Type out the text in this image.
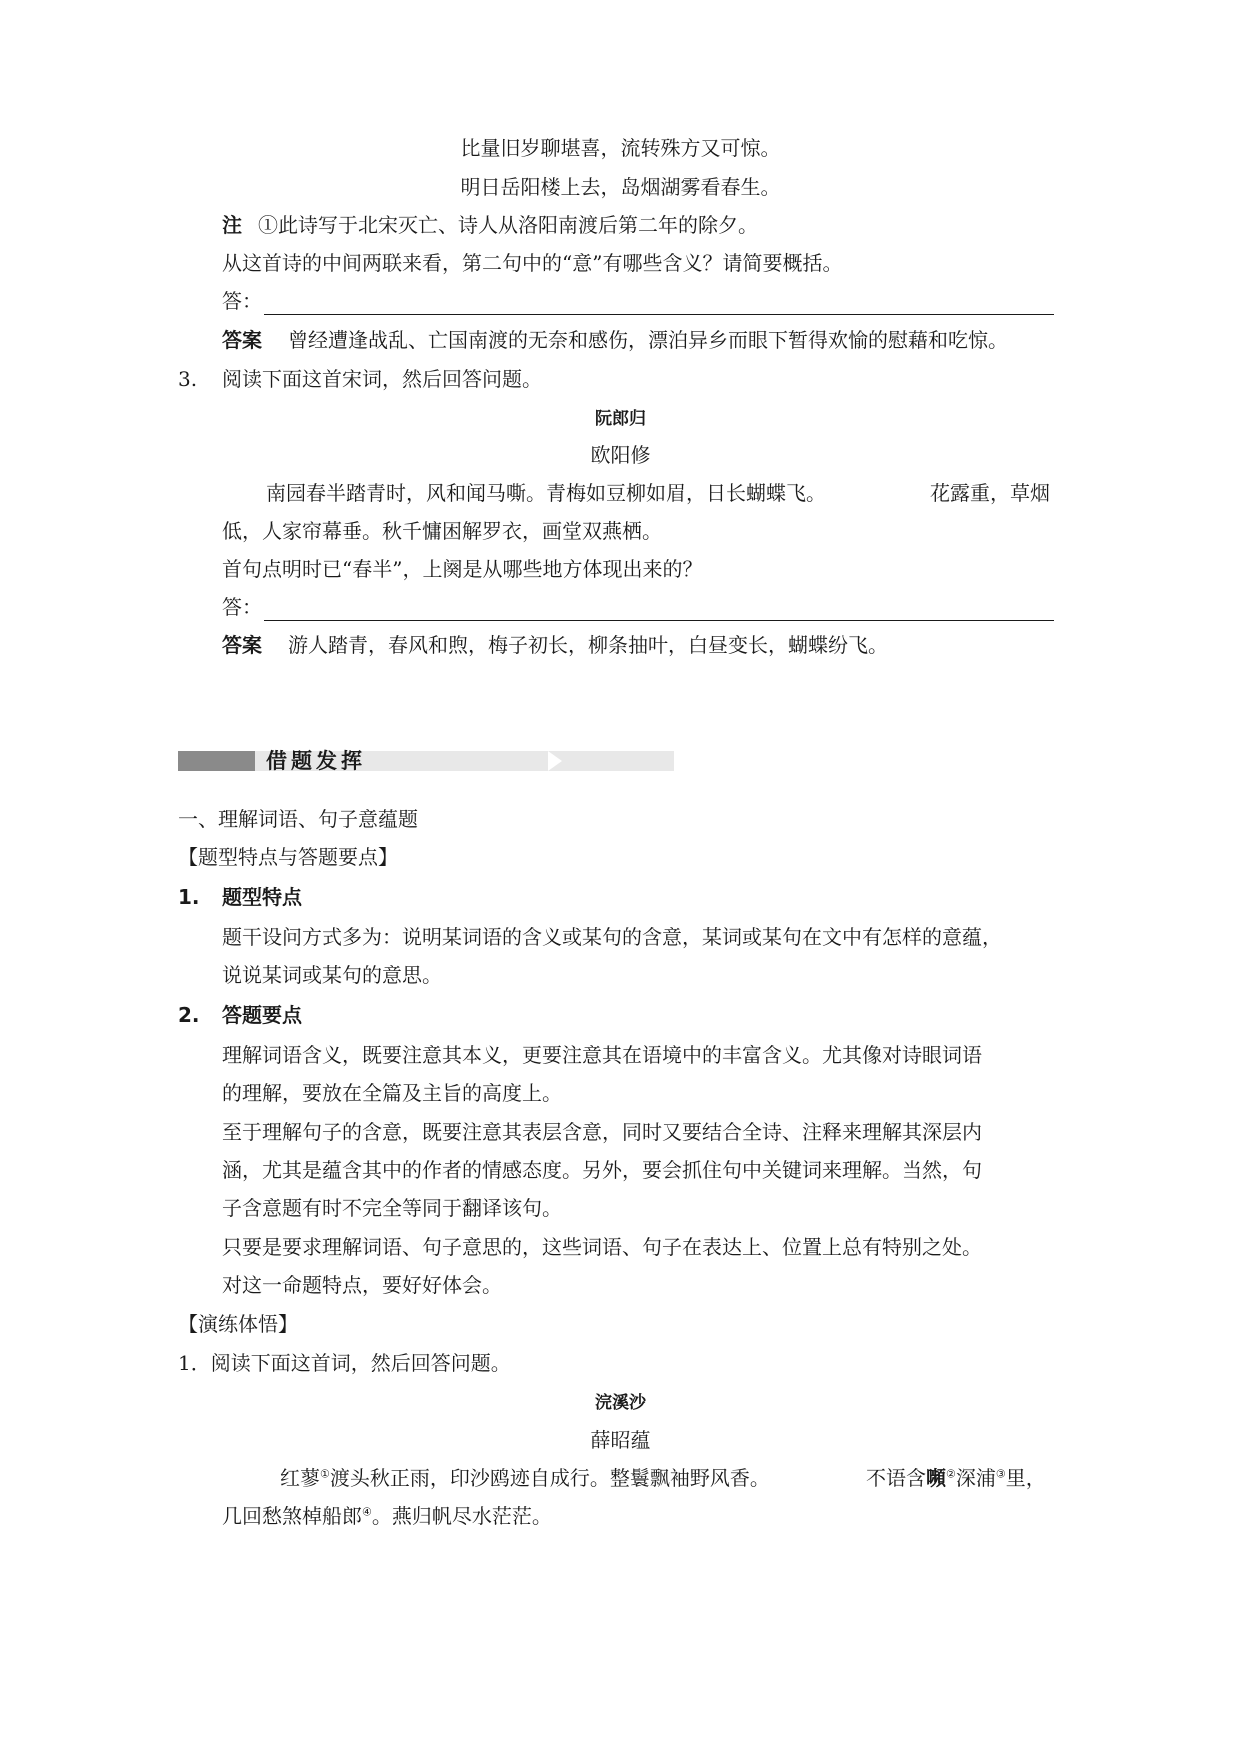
比量旧岁聊堪喜，流转殊方又可惊。
明日岳阳楼上去，岛烟湖雾看春生。
注 ①此诗写于北宋灭亡、诗人从洛阳南渡后第二年的除夕。
从这首诗的中间两联来看，第二句中的“意”有哪些含义？请简要概括。
答：
答案 曾经遭逢战乱、亡国南渡的无奈和感伤，漂泊异乡而眼下暂得欢愉的慰藉和吃惊。
3. 阅读下面这首宋词，然后回答问题。
阮郎归
欧阳修
南园春半踏青时，风和闻马嘶。青梅如豆柳如眉，日长蝴蝶飞。	花露重，草烟
低，人家帘幕垂。秋千慵困解罗衣，画堂双燕栖。
首句点明时已“春半”，上阕是从哪些地方体现出来的？
答：
答案 游人踏青，春风和煦，梅子初长，柳条抽叶，白昼变长，蝴蝶纷飞。
借题发挥
一、理解词语、句子意蕴题
【题型特点与答题要点】
1. 题型特点
题干设问方式多为：说明某词语的含义或某句的含意，某词或某句在文中有怎样的意蕴，
说说某词或某句的意思。
2. 答题要点
理解词语含义，既要注意其本义，更要注意其在语境中的丰富含义。尤其像对诗眼词语
的理解，要放在全篇及主旨的高度上。
至于理解句子的含意，既要注意其表层含意，同时又要结合全诗、注释来理解其深层内
涵，尤其是蕴含其中的作者的情感态度。另外，要会抓住句中关键词来理解。当然，句
子含意题有时不完全等同于翻译该句。
只要是要求理解词语、句子意思的，这些词语、句子在表达上、位置上总有特别之处。
对这一命题特点，要好好体会。
【演练体悟】
1．阅读下面这首词，然后回答问题。
浣溪沙
薛昭蕴
红蓼①渡头秋正雨，印沙鸥迹自成行。整鬟飘袖野风香。	不语含嚬②深浦③里，
几回愁煞棹船郎④。燕归帆尽水茫茫。
